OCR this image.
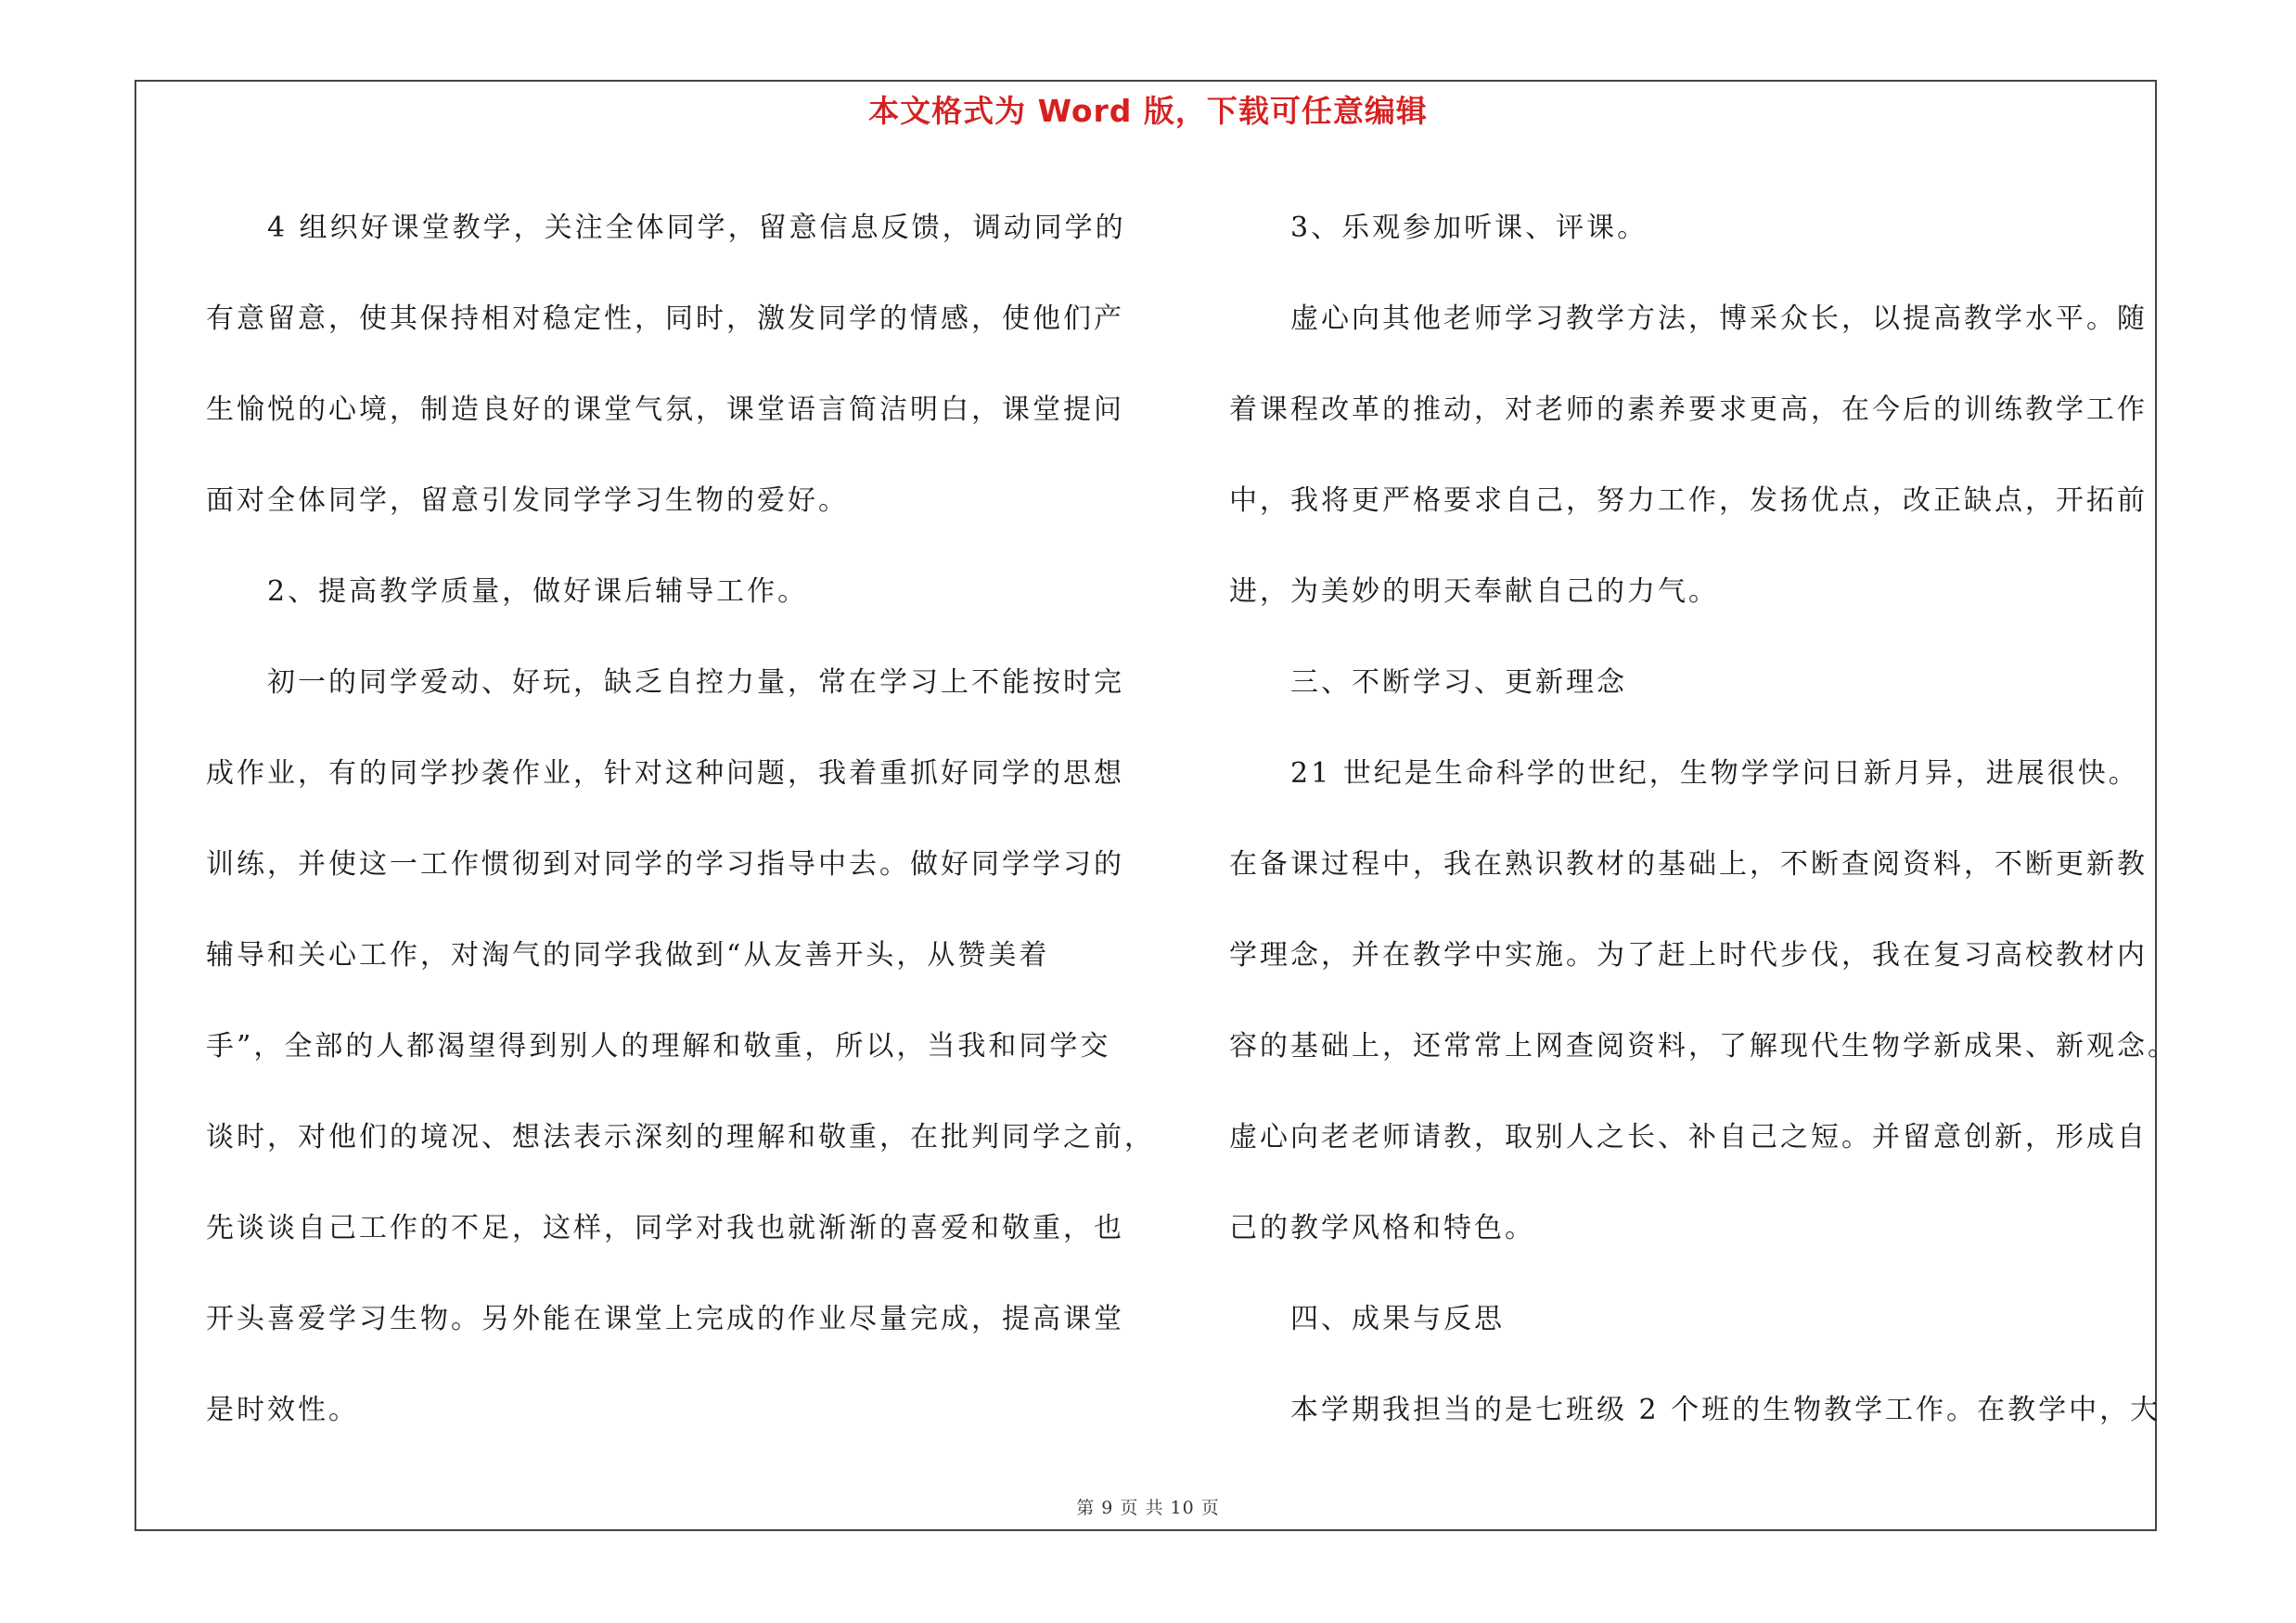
本文格式为 Word 版，下载可任意编辑
　　4 组织好课堂教学，关注全体同学，留意信息反馈，调动同学的
有意留意，使其保持相对稳定性，同时，激发同学的情感，使他们产
生愉悦的心境，制造良好的课堂气氛，课堂语言简洁明白，课堂提问
面对全体同学，留意引发同学学习生物的爱好。
　　2、提高教学质量，做好课后辅导工作。
　　初一的同学爱动、好玩，缺乏自控力量，常在学习上不能按时完
成作业，有的同学抄袭作业，针对这种问题，我着重抓好同学的思想
训练，并使这一工作惯彻到对同学的学习指导中去。做好同学学习的
辅导和关心工作，对淘气的同学我做到“从友善开头，从赞美着
手”，全部的人都渴望得到别人的理解和敬重，所以，当我和同学交
谈时，对他们的境况、想法表示深刻的理解和敬重，在批判同学之前，
先谈谈自己工作的不足，这样，同学对我也就渐渐的喜爱和敬重，也
开头喜爱学习生物。另外能在课堂上完成的作业尽量完成，提高课堂
是时效性。
　　3、乐观参加听课、评课。
　　虚心向其他老师学习教学方法，博采众长，以提高教学水平。随
着课程改革的推动，对老师的素养要求更高，在今后的训练教学工作
中，我将更严格要求自己，努力工作，发扬优点，改正缺点，开拓前
进，为美妙的明天奉献自己的力气。
　　三、不断学习、更新理念
　　21 世纪是生命科学的世纪，生物学学问日新月异，进展很快。
在备课过程中，我在熟识教材的基础上，不断查阅资料，不断更新教
学理念，并在教学中实施。为了赶上时代步伐，我在复习高校教材内
容的基础上，还常常上网查阅资料，了解现代生物学新成果、新观念。
虚心向老老师请教，取别人之长、补自己之短。并留意创新，形成自
己的教学风格和特色。
　　四、成果与反思
　　本学期我担当的是七班级 2 个班的生物教学工作。在教学中，大
第 9 页 共 10 页
